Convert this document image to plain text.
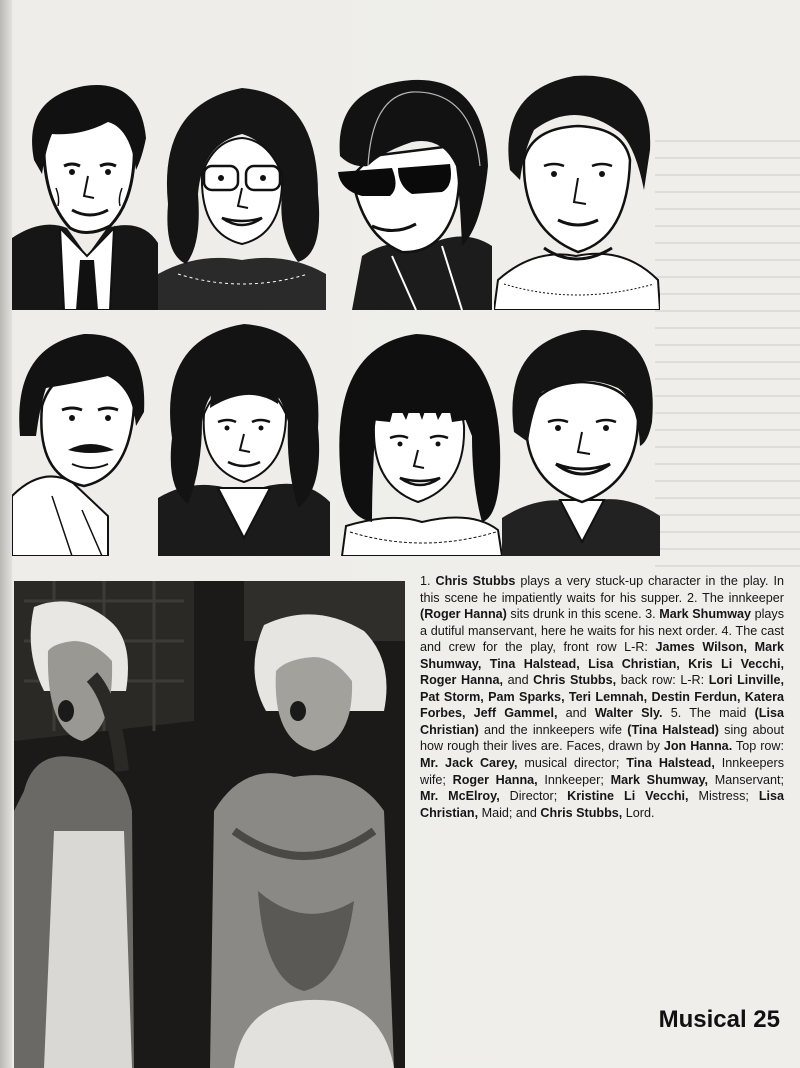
1. Chris Stubbs plays a very stuck-up character in the play. In this scene he impatiently waits for his supper. 2. The innkeeper (Roger Hanna) sits drunk in this scene. 3. Mark Shumway plays a dutiful manservant, here he waits for his next order. 4. The cast and crew for the play, front row L-R: James Wilson, Mark Shumway, Tina Halstead, Lisa Christian, Kris Li Vecchi, Roger Hanna, and Chris Stubbs, back row: L-R: Lori Linville, Pat Storm, Pam Sparks, Teri Lemnah, Destin Ferdun, Katera Forbes, Jeff Gammel, and Walter Sly. 5. The maid (Lisa Christian) and the innkeepers wife (Tina Halstead) sing about how rough their lives are. Faces, drawn by Jon Hanna. Top row: Mr. Jack Carey, musical director; Tina Halstead, Innkeepers wife; Roger Hanna, Innkeeper; Mark Shumway, Manservant; Mr. McElroy, Director; Kristine Li Vecchi, Mistress; Lisa Christian, Maid; and Chris Stubbs, Lord.
Musical 25
